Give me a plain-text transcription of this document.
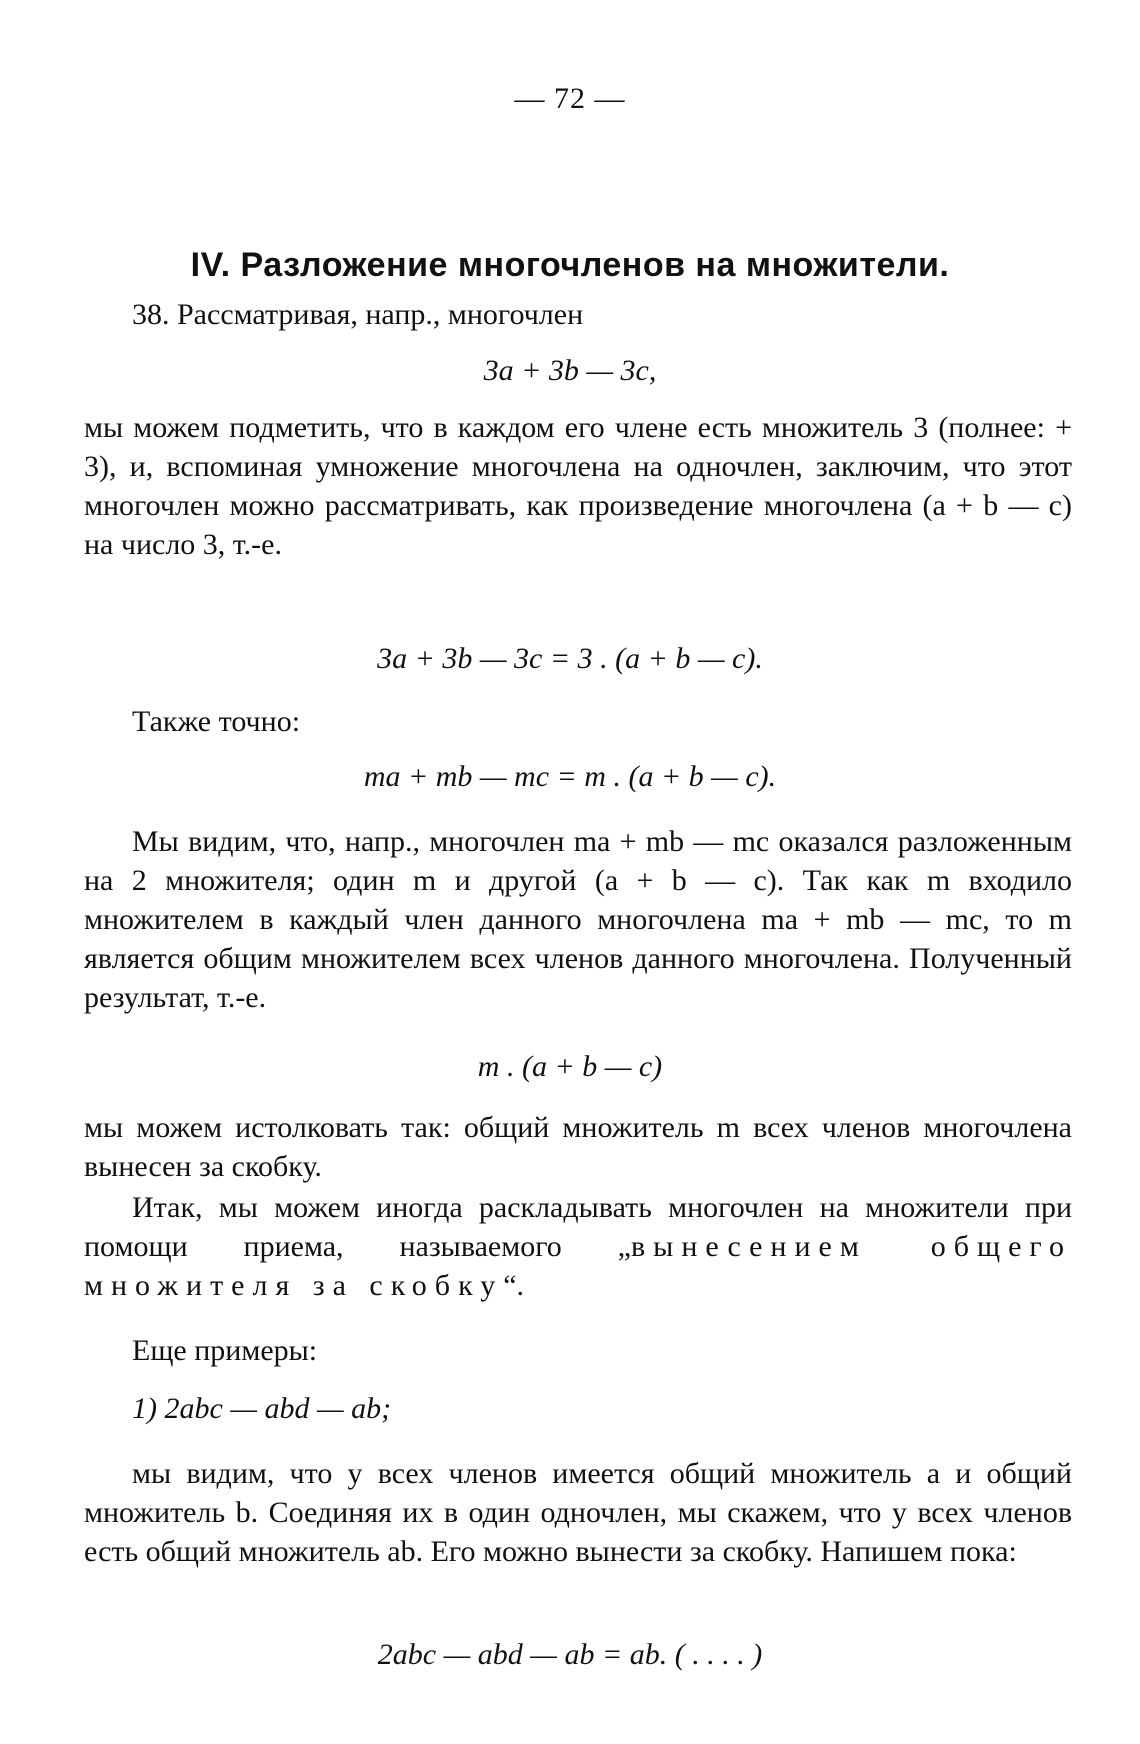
— 72 —
IV. Разложение многочленов на множители.
38. Рассматривая, напр., многочлен
3a + 3b — 3c,
мы можем подметить, что в каждом его члене есть множитель 3 (полнее: + 3), и, вспоминая умножение многочлена на одночлен, заключим, что этот многочлен можно рассматривать, как произведение многочлена (a + b — c) на число 3, т.-е.
3a + 3b — 3c = 3 . (a + b — c).
Также точно:
ma + mb — mc = m . (a + b — c).
Мы видим, что, напр., многочлен ma + mb — mc оказался разложенным на 2 множителя; один m и другой (a + b — c). Так как m входило множителем в каждый член данного многочлена ma + mb — mc, то m является общим множителем всех членов данного многочлена. Полученный результат, т.-е.
m . (a + b — c)
мы можем истолковать так: общий множитель m всех членов многочлена вынесен за скобку.
Итак, мы можем иногда раскладывать многочлен на множители при помощи приема, называемого „вынесением общего множителя за скобку“.
Еще примеры:
1) 2abc — abd — ab;
мы видим, что у всех членов имеется общий множитель a и общий множитель b. Соединяя их в один одночлен, мы скажем, что у всех членов есть общий множитель ab. Его можно вынести за скобку. Напишем пока:
2abc — abd — ab = ab. ( . . . . )
